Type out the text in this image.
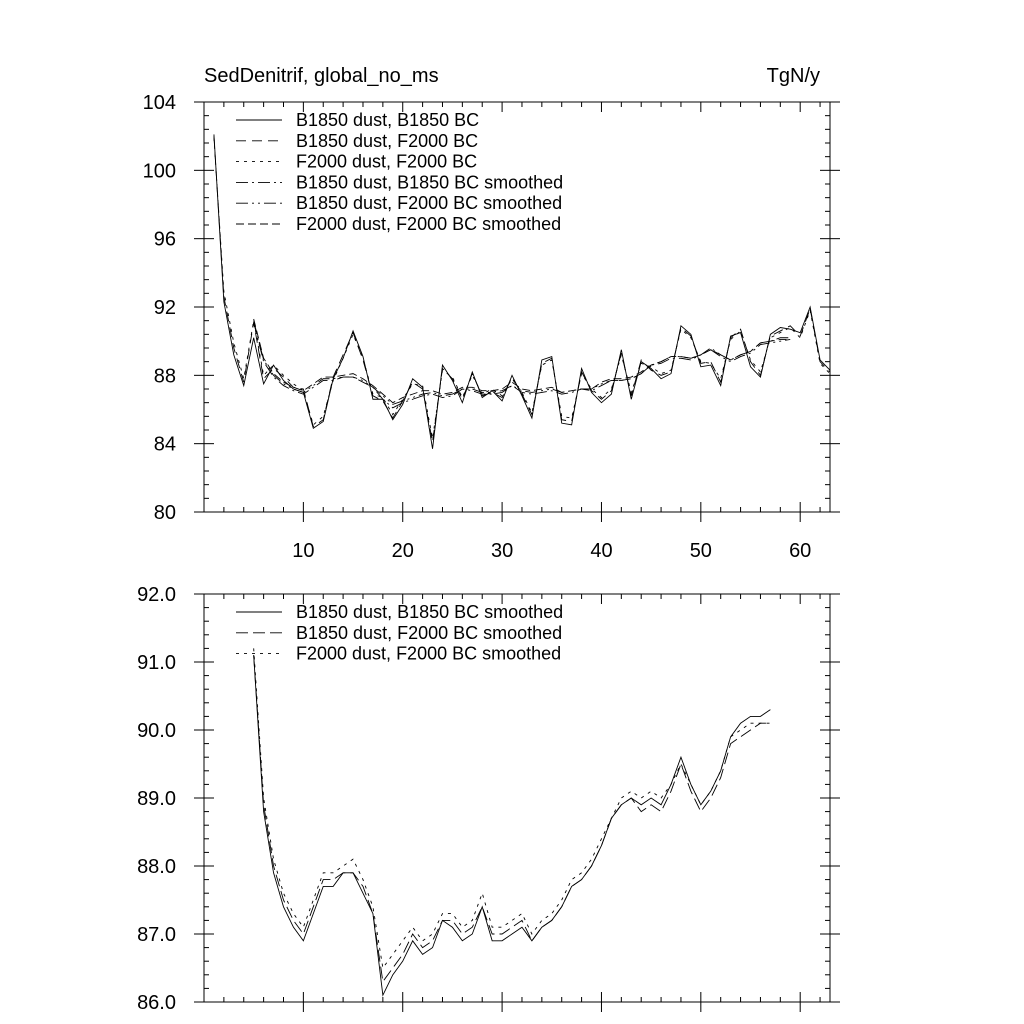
SedDenitrif, global_no_ms	TgN/y
10	20	30	40	50	60
80
84
88
92
96
100
104
B1850 dust, B1850 BC
B1850 dust, F2000 BC
F2000 dust, F2000 BC
B1850 dust, B1850 BC smoothed
B1850 dust, F2000 BC smoothed
F2000 dust, F2000 BC smoothed
86.0
87.0
88.0
89.0
90.0
91.0
92.0
B1850 dust, B1850 BC smoothed
B1850 dust, F2000 BC smoothed
F2000 dust, F2000 BC smoothed
